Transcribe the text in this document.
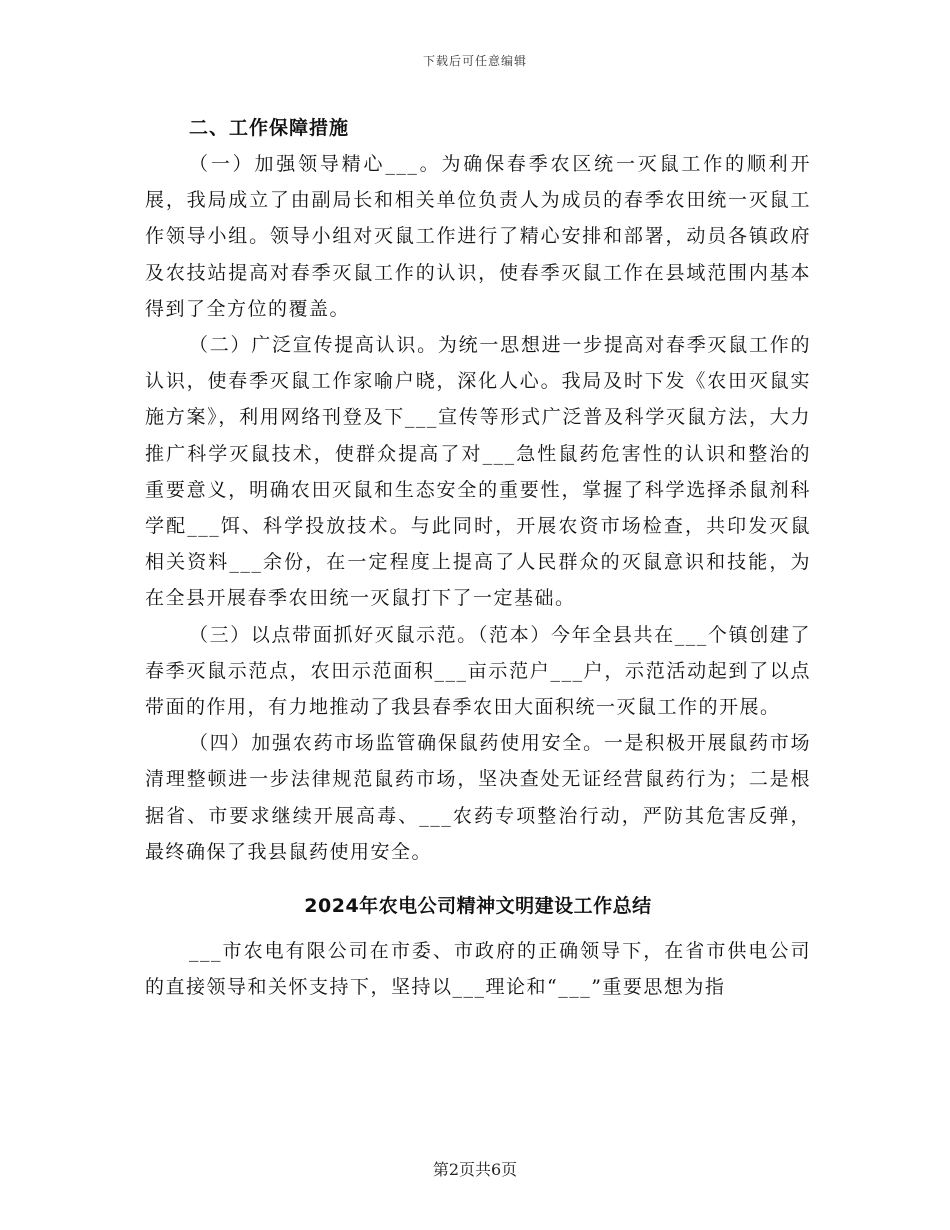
下载后可任意编辑
二、工作保障措施

（一）加强领导精心___。为确保春季农区统一灭鼠工作的顺利开展，我局成立了由副局长和相关单位负责人为成员的春季农田统一灭鼠工作领导小组。领导小组对灭鼠工作进行了精心安排和部署，动员各镇政府及农技站提高对春季灭鼠工作的认识，使春季灭鼠工作在县域范围内基本得到了全方位的覆盖。

（二）广泛宣传提高认识。为统一思想进一步提高对春季灭鼠工作的认识，使春季灭鼠工作家喻户晓，深化人心。我局及时下发《农田灭鼠实施方案》，利用网络刊登及下___宣传等形式广泛普及科学灭鼠方法，大力推广科学灭鼠技术，使群众提高了对___急性鼠药危害性的认识和整治的重要意义，明确农田灭鼠和生态安全的重要性，掌握了科学选择杀鼠剂科学配___饵、科学投放技术。与此同时，开展农资市场检查，共印发灭鼠相关资料___余份，在一定程度上提高了人民群众的灭鼠意识和技能，为在全县开展春季农田统一灭鼠打下了一定基础。

（三）以点带面抓好灭鼠示范。（范本）今年全县共在___个镇创建了春季灭鼠示范点，农田示范面积___亩示范户___户，示范活动起到了以点带面的作用，有力地推动了我县春季农田大面积统一灭鼠工作的开展。

（四）加强农药市场监管确保鼠药使用安全。一是积极开展鼠药市场清理整顿进一步法律规范鼠药市场，坚决查处无证经营鼠药行为；二是根据省、市要求继续开展高毒、___农药专项整治行动，严防其危害反弹，最终确保了我县鼠药使用安全。

2024年农电公司精神文明建设工作总结

___市农电有限公司在市委、市政府的正确领导下，在省市供电公司的直接领导和关怀支持下，坚持以___理论和“___”重要思想为指

第2页共6页
